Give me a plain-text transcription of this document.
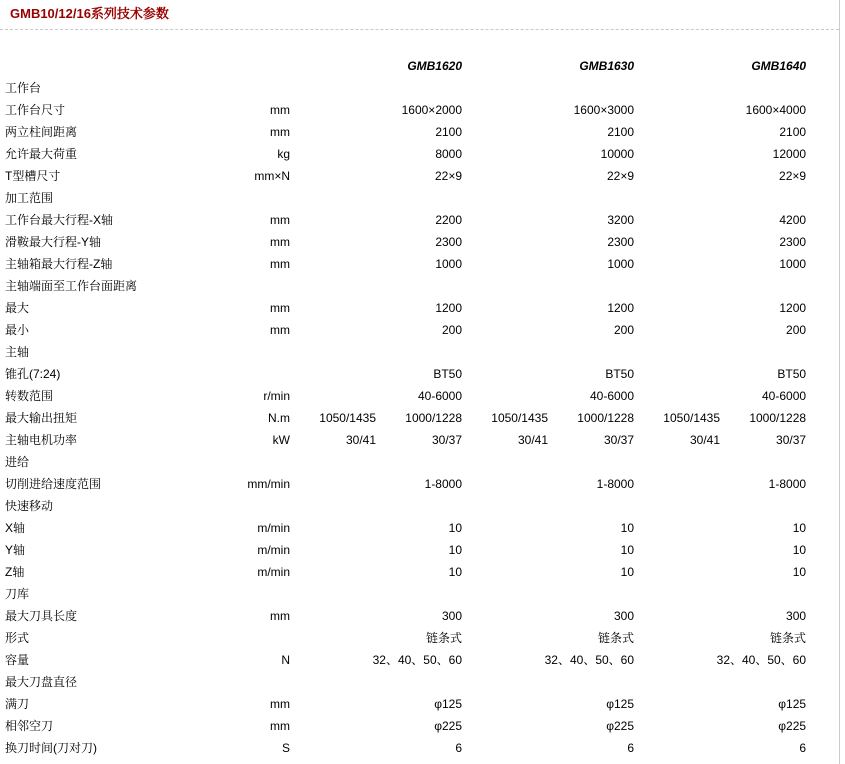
GMB10/12/16系列技术参数
		GMB1620		GMB1630		GMB1640	
工作台							
工作台尺寸	mm	1600×2000		1600×3000		1600×4000	
两立柱间距离	mm	2100		2100		2100	
允许最大荷重	kg	8000		10000		12000	
T型槽尺寸	mm×N	22×9		22×9		22×9	
加工范围							
工作台最大行程-X轴	mm	2200		3200		4200	
滑鞍最大行程-Y轴	mm	2300		2300		2300	
主轴箱最大行程-Z轴	mm	1000		1000		1000	
主轴端面至工作台面距离							
最大	mm	1200		1200		1200	
最小	mm	200		200		200	
主轴							
锥孔(7:24)		BT50		BT50		BT50	
转数范围	r/min	40-6000		40-6000		40-6000	
最大输出扭矩	N.m	1050/1435	1000/1228	1050/1435	1000/1228	1050/1435	1000/1228
主轴电机功率	kW	30/41	30/37	30/41	30/37	30/41	30/37
进给							
切削进给速度范围	mm/min	1-8000		1-8000		1-8000	
快速移动							
X轴	m/min	10		10		10	
Y轴	m/min	10		10		10	
Z轴	m/min	10		10		10	
刀库							
最大刀具长度	mm	300		300		300	
形式		链条式		链条式		链条式	
容量	N	32、40、50、60		32、40、50、60		32、40、50、60	
最大刀盘直径							
满刀	mm	φ125		φ125		φ125	
相邻空刀	mm	φ225		φ225		φ225	
换刀时间(刀对刀)	S	6		6		6	
